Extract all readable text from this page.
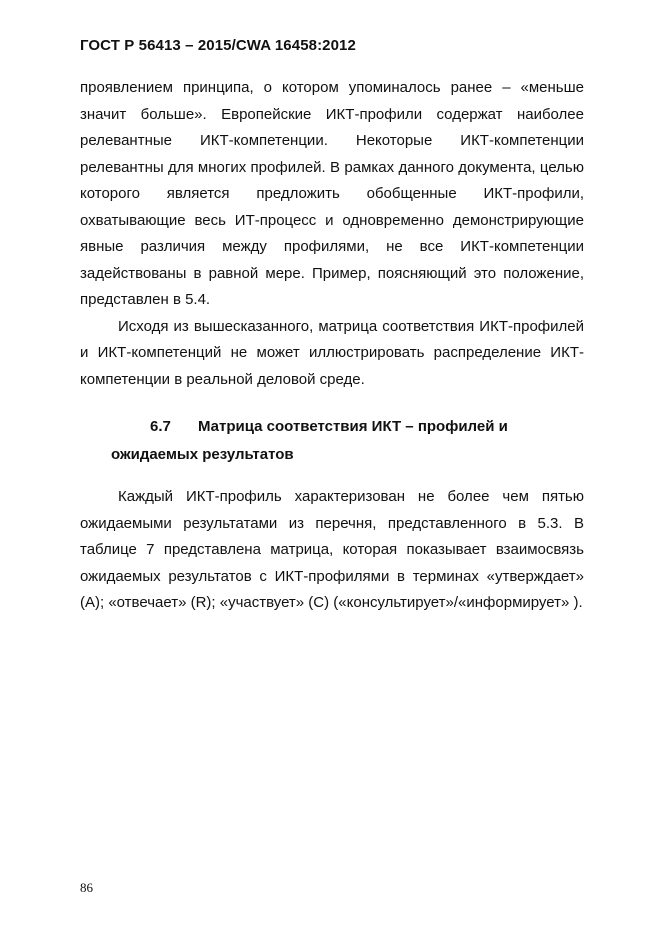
ГОСТ Р 56413 – 2015/CWA 16458:2012

проявлением принципа, о котором упоминалось ранее – «меньше значит больше». Европейские ИКТ-профили содержат наиболее релевантные ИКТ-компетенции. Некоторые ИКТ-компетенции релевантны для многих профилей. В рамках данного документа, целью которого является предложить обобщенные ИКТ-профили, охватывающие весь ИТ-процесс и одновременно демонстрирующие явные различия между профилями, не все ИКТ-компетенции задействованы в равной мере. Пример, поясняющий это положение, представлен в 5.4.

Исходя из вышесказанного, матрица соответствия ИКТ-профилей и ИКТ-компетенций не может иллюстрировать распределение ИКТ-компетенции в реальной деловой среде.

6.7 Матрица соответствия ИКТ – профилей и
ожидаемых результатов

Каждый ИКТ-профиль характеризован не более чем пятью ожидаемыми результатами из перечня, представленного в 5.3. В таблице 7 представлена матрица, которая показывает взаимосвязь ожидаемых результатов с ИКТ-профилями в терминах «утверждает» (A); «отвечает» (R); «участвует» (C) («консультирует»/«информирует» ).

86
